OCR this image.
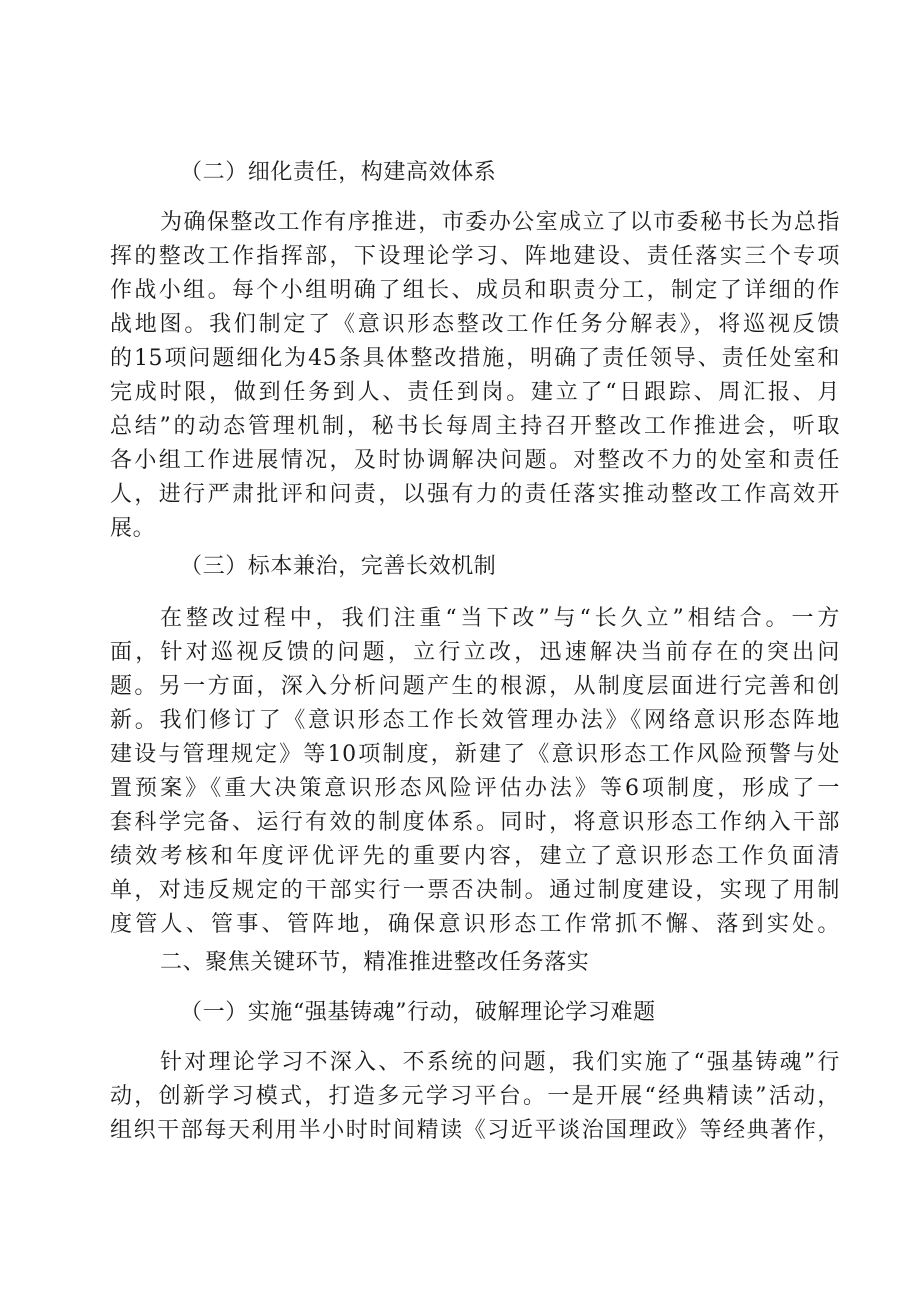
（二）细化责任，构建高效体系
为确保整改工作有序推进，市委办公室成立了以市委秘书长为总指
挥的整改工作指挥部，下设理论学习、阵地建设、责任落实三个专项
作战小组。每个小组明确了组长、成员和职责分工，制定了详细的作
战地图。我们制定了《意识形态整改工作任务分解表》，将巡视反馈
的15项问题细化为45条具体整改措施，明确了责任领导、责任处室和
完成时限，做到任务到人、责任到岗。建立了“日跟踪、周汇报、月
总结”的动态管理机制，秘书长每周主持召开整改工作推进会，听取
各小组工作进展情况，及时协调解决问题。对整改不力的处室和责任
人，进行严肃批评和问责，以强有力的责任落实推动整改工作高效开
展。
（三）标本兼治，完善长效机制
在整改过程中，我们注重“当下改”与“长久立”相结合。一方
面，针对巡视反馈的问题，立行立改，迅速解决当前存在的突出问
题。另一方面，深入分析问题产生的根源，从制度层面进行完善和创
新。我们修订了《意识形态工作长效管理办法》《网络意识形态阵地
建设与管理规定》等10项制度，新建了《意识形态工作风险预警与处
置预案》《重大决策意识形态风险评估办法》等6项制度，形成了一
套科学完备、运行有效的制度体系。同时，将意识形态工作纳入干部
绩效考核和年度评优评先的重要内容，建立了意识形态工作负面清
单，对违反规定的干部实行一票否决制。通过制度建设，实现了用制
度管人、管事、管阵地，确保意识形态工作常抓不懈、落到实处。
二、聚焦关键环节，精准推进整改任务落实
（一）实施“强基铸魂”行动，破解理论学习难题
针对理论学习不深入、不系统的问题，我们实施了“强基铸魂”行
动，创新学习模式，打造多元学习平台。一是开展“经典精读”活动，
组织干部每天利用半小时时间精读《习近平谈治国理政》等经典著作，
